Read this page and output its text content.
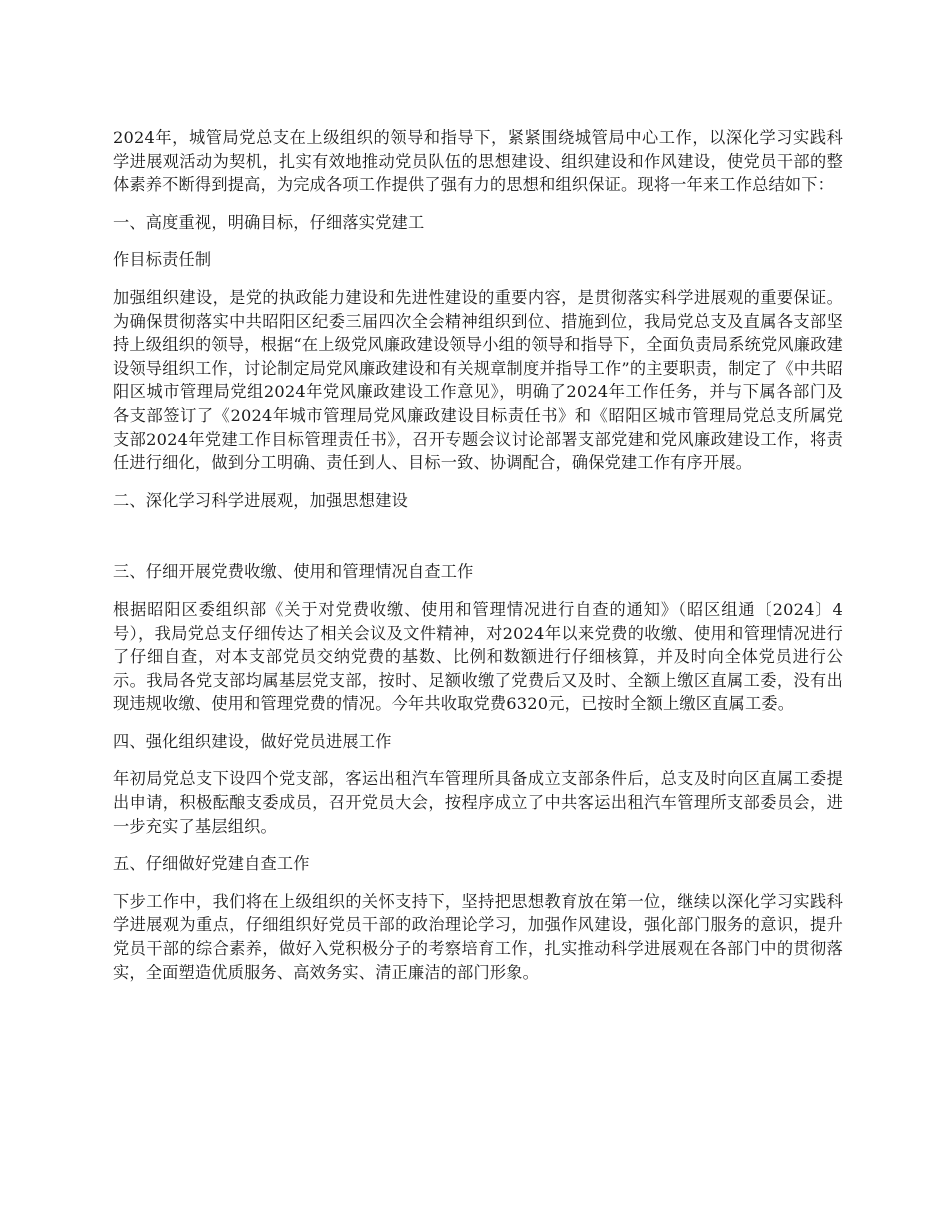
2024年，城管局党总支在上级组织的领导和指导下，紧紧围绕城管局中心工作，以深化学习实践科学进展观活动为契机，扎实有效地推动党员队伍的思想建设、组织建设和作风建设，使党员干部的整体素养不断得到提高，为完成各项工作提供了强有力的思想和组织保证。现将一年来工作总结如下：

一、高度重视，明确目标，仔细落实党建工

作目标责任制

加强组织建设，是党的执政能力建设和先进性建设的重要内容，是贯彻落实科学进展观的重要保证。为确保贯彻落实中共昭阳区纪委三届四次全会精神组织到位、措施到位，我局党总支及直属各支部坚持上级组织的领导，根据“在上级党风廉政建设领导小组的领导和指导下，全面负责局系统党风廉政建设领导组织工作，讨论制定局党风廉政建设和有关规章制度并指导工作”的主要职责，制定了《中共昭阳区城市管理局党组2024年党风廉政建设工作意见》，明确了2024年工作任务，并与下属各部门及各支部签订了《2024年城市管理局党风廉政建设目标责任书》和《昭阳区城市管理局党总支所属党支部2024年党建工作目标管理责任书》，召开专题会议讨论部署支部党建和党风廉政建设工作，将责任进行细化，做到分工明确、责任到人、目标一致、协调配合，确保党建工作有序开展。

二、深化学习科学进展观，加强思想建设

三、仔细开展党费收缴、使用和管理情况自查工作

根据昭阳区委组织部《关于对党费收缴、使用和管理情况进行自查的通知》（昭区组通〔2024〕4号），我局党总支仔细传达了相关会议及文件精神，对2024年以来党费的收缴、使用和管理情况进行了仔细自查，对本支部党员交纳党费的基数、比例和数额进行仔细核算，并及时向全体党员进行公示。我局各党支部均属基层党支部，按时、足额收缴了党费后又及时、全额上缴区直属工委，没有出现违规收缴、使用和管理党费的情况。今年共收取党费6320元，已按时全额上缴区直属工委。

四、强化组织建设，做好党员进展工作

年初局党总支下设四个党支部，客运出租汽车管理所具备成立支部条件后，总支及时向区直属工委提出申请，积极酝酿支委成员，召开党员大会，按程序成立了中共客运出租汽车管理所支部委员会，进一步充实了基层组织。

五、仔细做好党建自查工作

下步工作中，我们将在上级组织的关怀支持下，坚持把思想教育放在第一位，继续以深化学习实践科学进展观为重点，仔细组织好党员干部的政治理论学习，加强作风建设，强化部门服务的意识，提升党员干部的综合素养，做好入党积极分子的考察培育工作，扎实推动科学进展观在各部门中的贯彻落实，全面塑造优质服务、高效务实、清正廉洁的部门形象。
